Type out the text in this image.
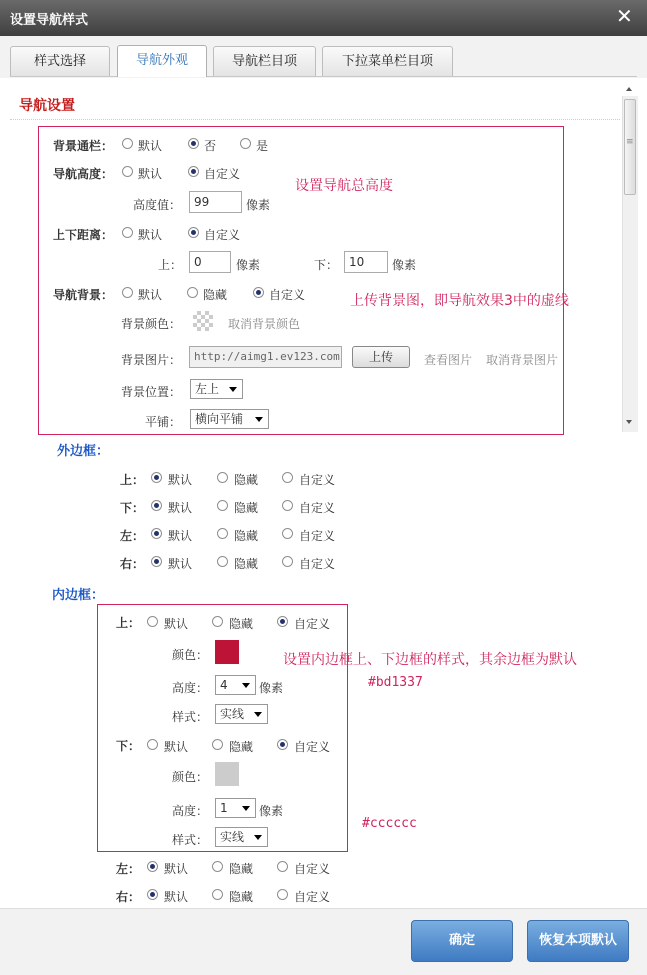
设置导航样式	✕
样式选择	导航外观	导航栏目项	下拉菜单栏目项
导航设置
≡
背景通栏： 默认	否	是
导航高度： 默认	自定义
设置导航总高度
高度值：	99	像素
上下距离： 默认	自定义
上： 0	像素	下： 10	像素
导航背景： 默认	隐藏	自定义	上传背景图，即导航效果3中的虚线
背景颜色：	取消背景颜色
背景图片：	http://aimg1.ev123.com	上传	查看图片 取消背景图片
背景位置：	左上
平铺：	横向平铺
外边框：
上： 默认	隐藏	自定义
下： 默认	隐藏	自定义
左： 默认	隐藏	自定义
右： 默认	隐藏	自定义
内边框：
上： 默认	隐藏	自定义
颜色：	设置内边框上、下边框的样式，其余边框为默认
#bd1337
高度： 4	像素
样式： 实线
下： 默认	隐藏	自定义
颜色：
高度： 1	像素
#cccccc
样式： 实线
左： 默认	隐藏	自定义
右： 默认	隐藏	自定义
确定	恢复本项默认
